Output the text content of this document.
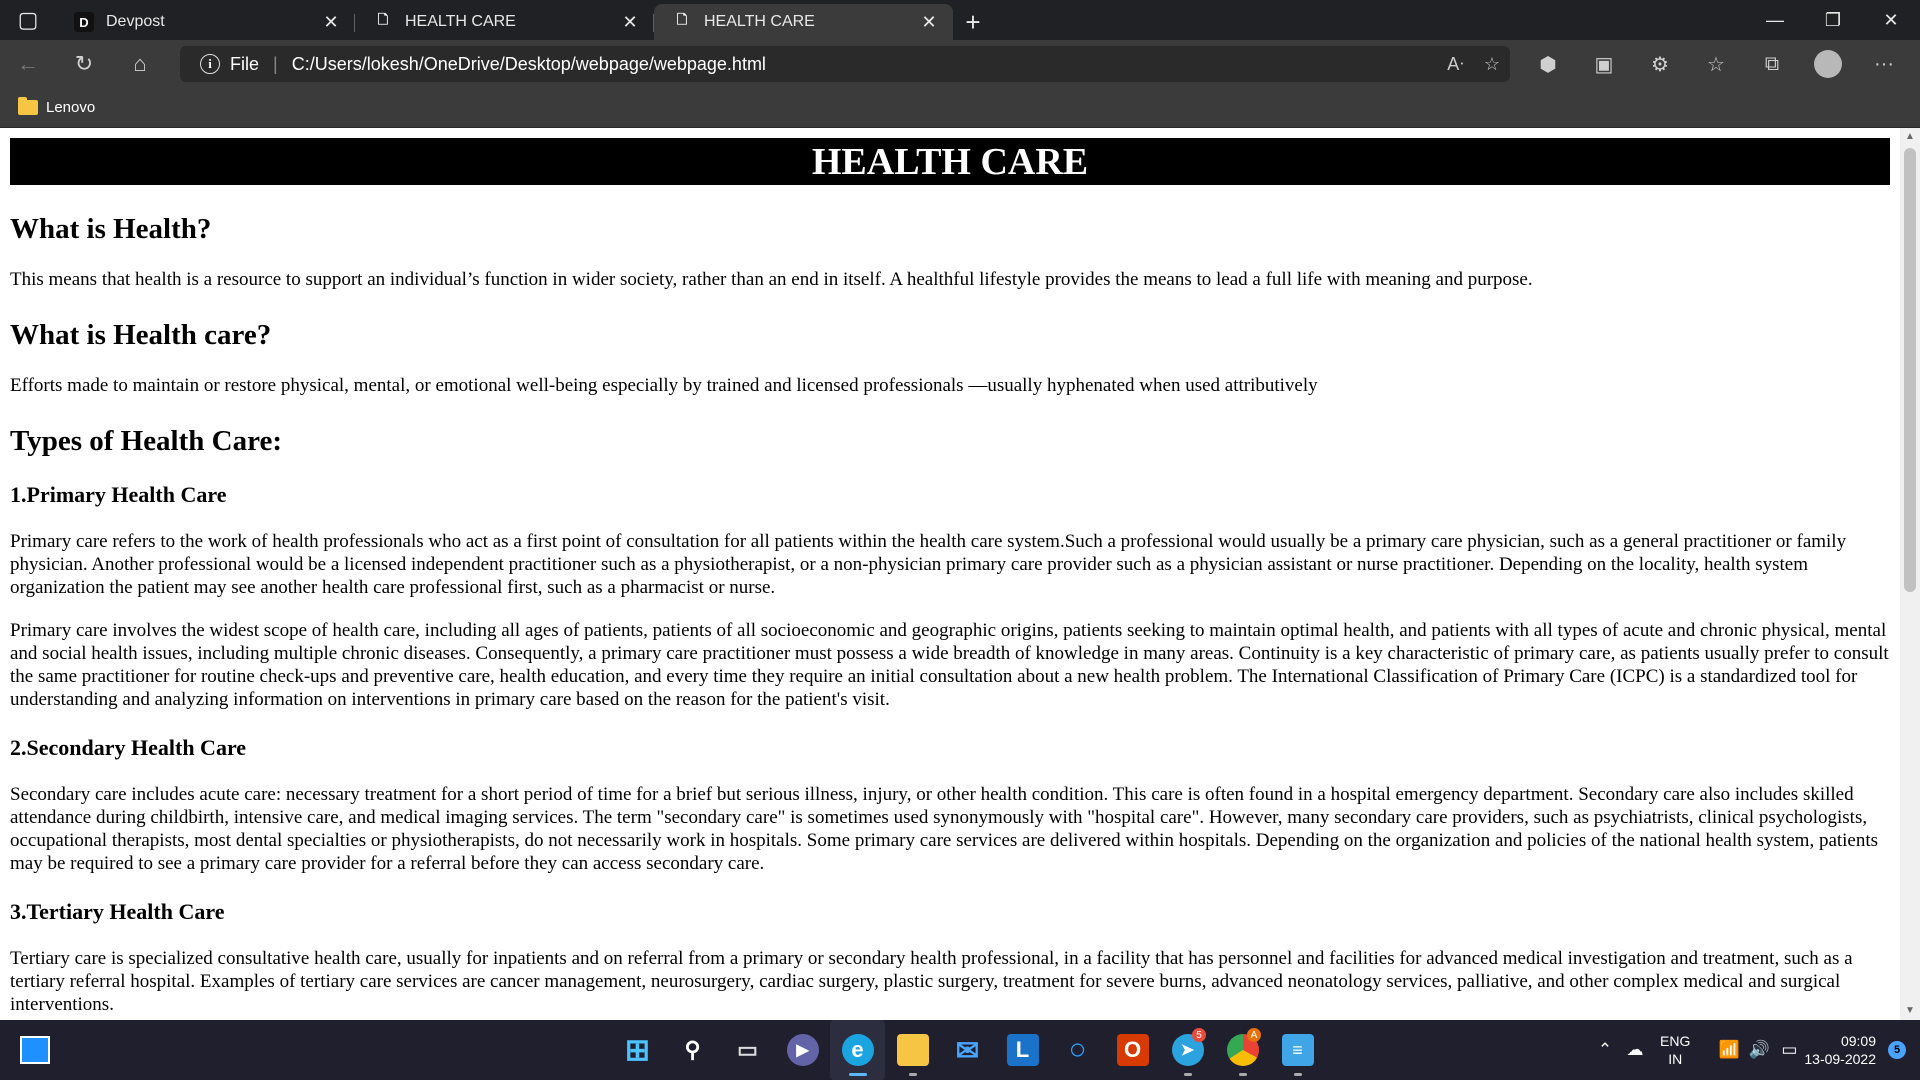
▢	D	Devpost	✕	🗋 HEALTH CARE	✕	🗋 HEALTH CARE	✕	+	—	❐	✕
←	↻	⌂	i	File | C:/Users/lokesh/OneDrive/Desktop/webpage/webpage.html	Aᐧ ☆	⬢	▣	⚙	☆	⧉	···
Lenovo
HEALTH CARE
What is Health?

This means that health is a resource to support an individual’s function in wider society, rather than an end in itself. A healthful lifestyle provides the means to lead a full life with meaning and purpose.

What is Health care?

Efforts made to maintain or restore physical, mental, or emotional well-being especially by trained and licensed professionals —usually hyphenated when used attributively

Types of Health Care:
1.Primary Health Care

Primary care refers to the work of health professionals who act as a first point of consultation for all patients within the health care system.Such a professional would usually be a primary care physician, such as a general practitioner or family physician. Another professional would be a licensed independent practitioner such as a physiotherapist, or a non-physician primary care provider such as a physician assistant or nurse practitioner. Depending on the locality, health system organization the patient may see another health care professional first, such as a pharmacist or nurse.

Primary care involves the widest scope of health care, including all ages of patients, patients of all socioeconomic and geographic origins, patients seeking to maintain optimal health, and patients with all types of acute and chronic physical, mental and social health issues, including multiple chronic diseases. Consequently, a primary care practitioner must possess a wide breadth of knowledge in many areas. Continuity is a key characteristic of primary care, as patients usually prefer to consult the same practitioner for routine check-ups and preventive care, health education, and every time they require an initial consultation about a new health problem. The International Classification of Primary Care (ICPC) is a standardized tool for understanding and analyzing information on interventions in primary care based on the reason for the patient's visit.

2.Secondary Health Care

Secondary care includes acute care: necessary treatment for a short period of time for a brief but serious illness, injury, or other health condition. This care is often found in a hospital emergency department. Secondary care also includes skilled attendance during childbirth, intensive care, and medical imaging services. The term "secondary care" is sometimes used synonymously with "hospital care". However, many secondary care providers, such as psychiatrists, clinical psychologists, occupational therapists, most dental specialties or physiotherapists, do not necessarily work in hospitals. Some primary care services are delivered within hospitals. Depending on the organization and policies of the national health system, patients may be required to see a primary care provider for a referral before they can access secondary care.

3.Tertiary Health Care

Tertiary care is specialized consultative health care, usually for inpatients and on referral from a primary or secondary health professional, in a facility that has personnel and facilities for advanced medical investigation and treatment, such as a tertiary referral hospital. Examples of tertiary care services are cancer management, neurosurgery, cardiac surgery, plastic surgery, treatment for severe burns, advanced neonatology services, palliative, and other complex medical and surgical interventions.

▲
▼
⊞	⚲	▭	▶	e	✉	L	○	O	➤
5	A
≡	⌃ ☁	ENG
IN	📶 🔊 ▭	09:09
13-09-2022
5
